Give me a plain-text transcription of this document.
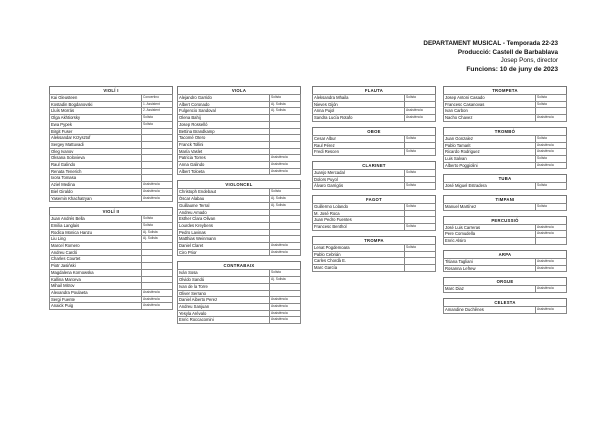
DEPARTAMENT MUSICAL - Temporada 22-23
Producció: Castell de Barbablava
Josep Pons, director
Funcions: 10 de juny de 2023
VIOLÍ I
Kai Gleusteen	Concertino
Kostadin Bogdanovski	1. Assistent
Lluís Morrás	2. Assistent
Olga Akhtiorsky	Solista
Ewa Pypek	Solista
Birgit Fuser	
Aleksandar Krzysztof	
Sergey Mattuvadi	
Oleg Ivanov	
Oksana Solovieva	
Raul Galindo	
Renata Tenerich	
Ixora Tomasa	
Aziel Medina	Assistència
Biel Giraldo	Assistència
Yasemin Khachatryan	Assistència
VIOLÍ II
Juan Andrés Bella	Solista
Emilia Langlais	Solista
Rodica Monica Hanzu	Aj. Solista
Liu Ling	Aj. Solista
Marcel Romero	
Andreu Cardó	
Charles Courtet	
Piotr Jasiński	
Magdalena Kornowska	
Kallina Marceva	
Mihail Mitrov	
Alexandra Poulaeta	Assistència
Sergi Fuente	Assistència
Anaick Puig	Assistència
VIOLA
Alejandro Garrido	Solista
Albert Coronado	Aj. Solista
Fulgencio Sandoval	Aj. Solista
Olena Bahij	
Josep Rosselló	
Bettina Brandkamp	
Tacomé Otero	
Franck Tollini	
María Vaslet	
Patricia Torres	Assistència
Anna Galindo	Assistència
Albert Toloeta	Assistència
VIOLONCEL
Christoph Endebaut	Solista
Òscar Alabau	Aj. Solista
Guillaume Terral	Aj. Solista
Andreu Amado	
Esther Clara Olivan	
Lourdes Kreybens	
Pedro Lavinas	
Matthias Weinmann	
Daniel Claret	Assistència
Ciro Prior	Assistència
CONTRABAIX
Iván Sosa	Solista
Olvido Sandú	Aj. Solista
Ivan de la Torre	
Oliver Serrano	
Daniel Aiberto Perez	Assistència
Andreu Sanjuan	Assistència
Yesyla Arévalo	Assistència
Enric Roccacomini	Assistència
FLAUTA
Aleksandra Mhaila	Solista
Nieves Gijón	
Anna Pujol	Assistència
Sandra Lucía Rotafo	Assistència
OBOE
Cesar Albur	Solista
Raul Pérez	
Fredi Rescen	Solista
CLARINET
Juanjo Mercadal	Solista
Dolors Puyol	
Álvaro Garrigós	Solista
FAGOT
Guillermo Lolando	Solista
M. José Roca	
Juan Pedro Fuentes	
Francesc Benthol	Solista
TROMPA
Lenat Pogdemoara	Solista
Pablo Cebrián	
Carles Chordà E.	
Marc García	
TROMPETA
Josep Antoni Casado	Solista
Francesc Casanovas	Solista
Ivan Carbon	
Nacho Chavez	Assistència
TROMBÓ
Juan Gonzalez	Solista
Pablo Tamarit	Assistència
Ricardo Rodriguez	Assistència
Luis Salvan	Solista
Alberto Poggiolini	Assistència
TUBA
José Miguel Estradera	Solista
TIMPANI
Manuel Martínez	Solista
PERCUSSIÓ
José Luis Carreras	Assistència
Pere Comudella	Assistència
Enric Alsiro	
ARPA
Titiana Tagliani	Assistència
Rosanna Lefrew	Assistència
ORGUE
Marc Diaz	Assistència
CELESTA
Amandine Duchênes	Assistència
